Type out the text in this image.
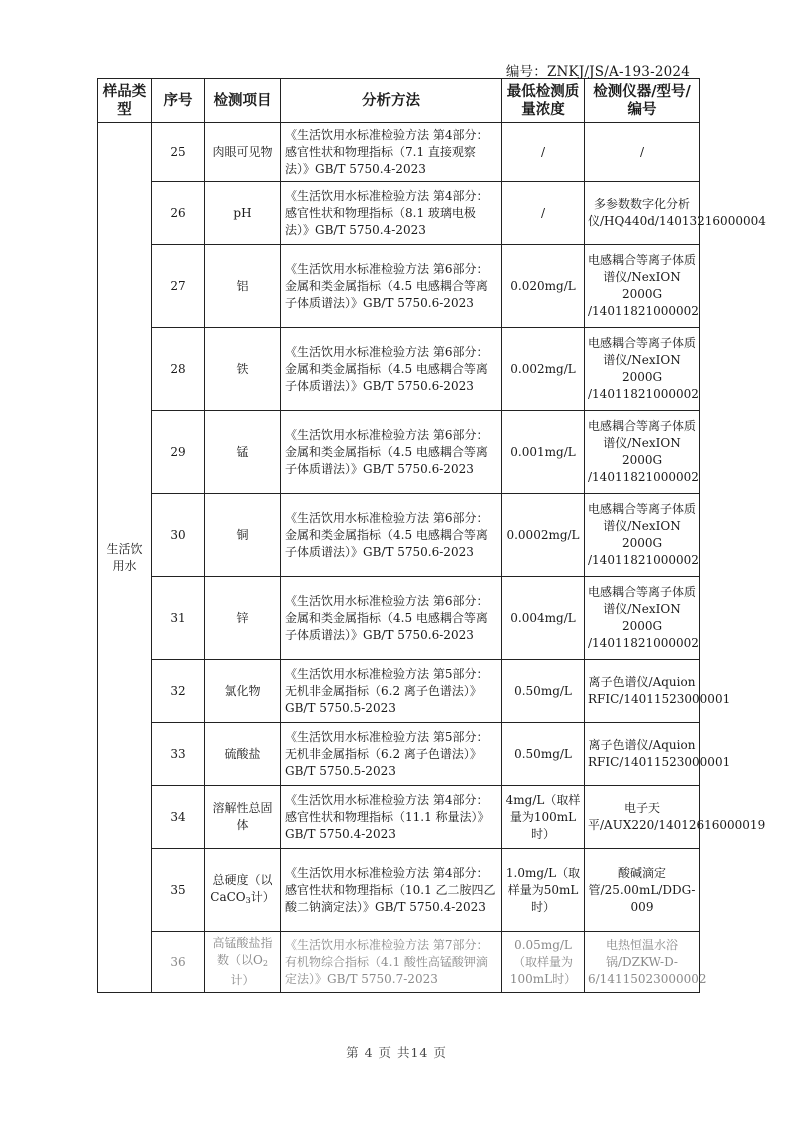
编号：ZNKJ/JS/A-193-2024
样品类型	序号	检测项目	分析方法	最低检测质量浓度	检测仪器/型号/编号
生活饮用水	25	肉眼可见物	《生活饮用水标准检验方法 第4部分：感官性状和物理指标（7.1 直接观察法）》GB/T 5750.4-2023	/	/
	26	pH	《生活饮用水标准检验方法 第4部分：感官性状和物理指标（8.1 玻璃电极法）》GB/T 5750.4-2023	/	多参数数字化分析仪/HQ440d/14013216000004
	27	铝	《生活饮用水标准检验方法 第6部分：金属和类金属指标（4.5 电感耦合等离子体质谱法）》GB/T 5750.6-2023	0.020mg/L	电感耦合等离子体质谱仪/NexION 2000G /14011821000002
	28	铁	《生活饮用水标准检验方法 第6部分：金属和类金属指标（4.5 电感耦合等离子体质谱法）》GB/T 5750.6-2023	0.002mg/L	电感耦合等离子体质谱仪/NexION 2000G /14011821000002
	29	锰	《生活饮用水标准检验方法 第6部分：金属和类金属指标（4.5 电感耦合等离子体质谱法）》GB/T 5750.6-2023	0.001mg/L	电感耦合等离子体质谱仪/NexION 2000G /14011821000002
	30	铜	《生活饮用水标准检验方法 第6部分：金属和类金属指标（4.5 电感耦合等离子体质谱法）》GB/T 5750.6-2023	0.0002mg/L	电感耦合等离子体质谱仪/NexION 2000G /14011821000002
	31	锌	《生活饮用水标准检验方法 第6部分：金属和类金属指标（4.5 电感耦合等离子体质谱法）》GB/T 5750.6-2023	0.004mg/L	电感耦合等离子体质谱仪/NexION 2000G /14011821000002
	32	氯化物	《生活饮用水标准检验方法 第5部分：无机非金属指标（6.2 离子色谱法）》GB/T 5750.5-2023	0.50mg/L	离子色谱仪/Aquion RFIC/14011523000001
	33	硫酸盐	《生活饮用水标准检验方法 第5部分：无机非金属指标（6.2 离子色谱法）》GB/T 5750.5-2023	0.50mg/L	离子色谱仪/Aquion RFIC/14011523000001
	34	溶解性总固体	《生活饮用水标准检验方法 第4部分：感官性状和物理指标（11.1 称量法）》GB/T 5750.4-2023	4mg/L（取样量为100mL时）	电子天平/AUX220/14012616000019
	35	总硬度（以CaCO$_3$计）	《生活饮用水标准检验方法 第4部分：感官性状和物理指标（10.1 乙二胺四乙酸二钠滴定法）》GB/T 5750.4-2023	1.0mg/L（取样量为50mL时）	酸碱滴定管/25.00mL/DDG-009
	36	高锰酸盐指数（以$O_2$计）	《生活饮用水标准检验方法 第7部分：有机物综合指标（4.1 酸性高锰酸钾滴定法）》GB/T 5750.7-2023	0.05mg/L（取样量为100mL时）	电热恒温水浴锅/DZKW-D-6/14115023000002
第 4 页 共14 页
